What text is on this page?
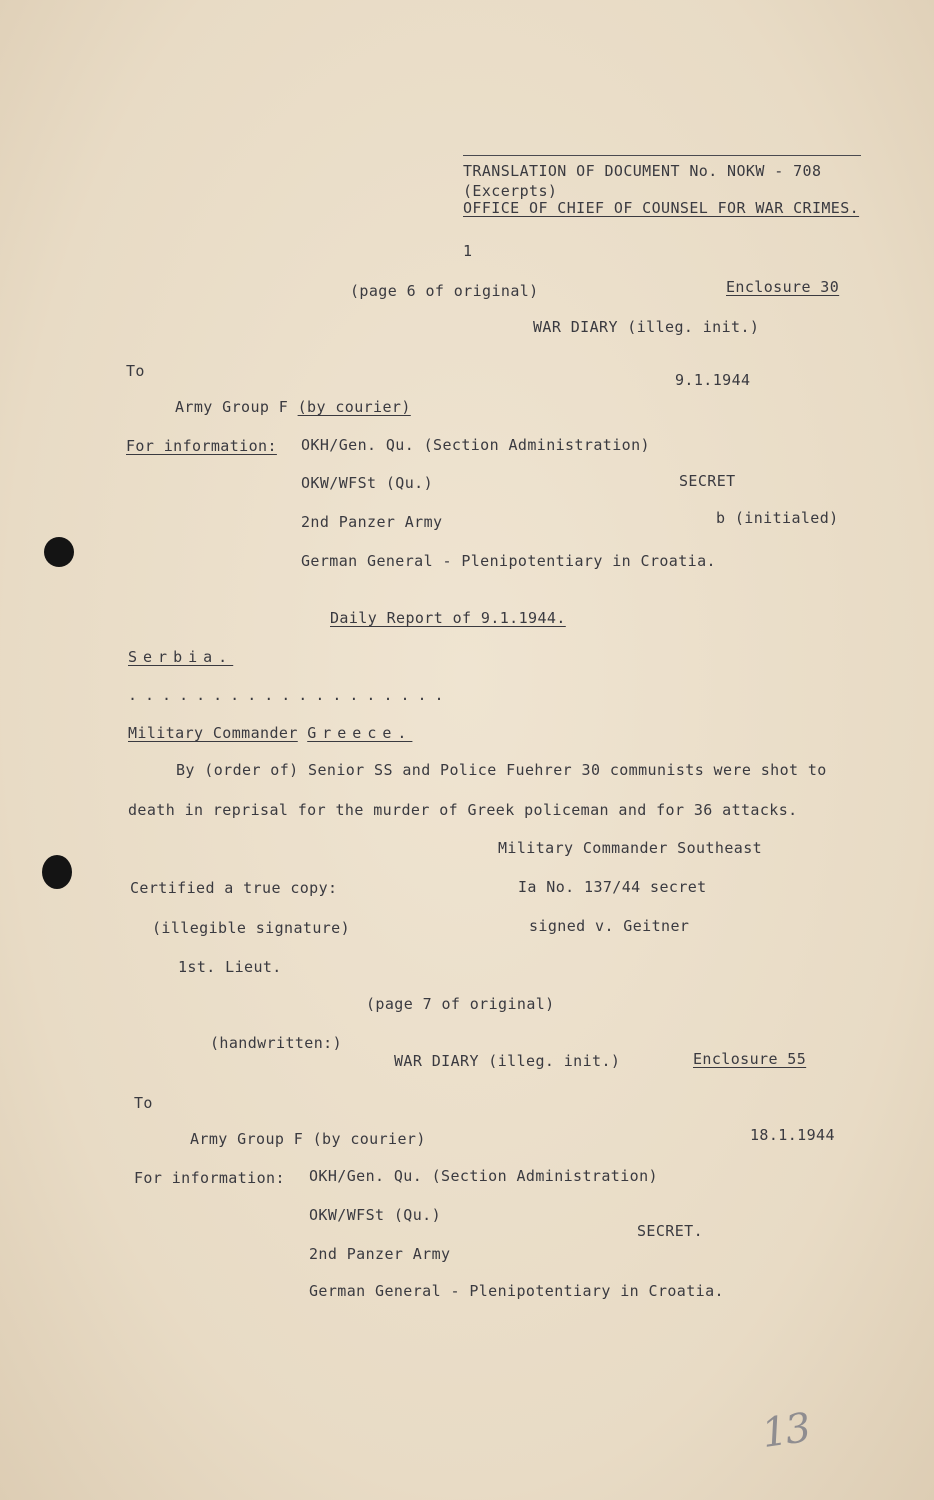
TRANSLATION OF DOCUMENT No. NOKW - 708
(Excerpts)
OFFICE OF CHIEF OF COUNSEL FOR WAR CRIMES.
1
(page 6 of original)	Enclosure 30
WAR DIARY (illeg. init.)
To	9.1.1944
Army Group F (by courier)
For information: OKH/Gen. Qu. (Section Administration)
OKW/WFSt (Qu.)	SECRET
2nd Panzer Army	b (initialed)
German General - Plenipotentiary in Croatia.
Daily Report of 9.1.1944.
Serbia.
...................
Military Commander Greece.
By (order of) Senior SS and Police Fuehrer 30 communists were shot to
death in reprisal for the murder of Greek policeman and for 36 attacks.
Military Commander Southeast
Certified a true copy:	Ia No. 137/44 secret
(illegible signature)	signed v. Geitner
1st. Lieut.
(page 7 of original)
(handwritten:)
WAR DIARY (illeg. init.)	Enclosure 55
To
Army Group F (by courier)	18.1.1944
For information: OKH/Gen. Qu. (Section Administration)
OKW/WFSt (Qu.)
SECRET.
2nd Panzer Army
German General - Plenipotentiary in Croatia.
13
